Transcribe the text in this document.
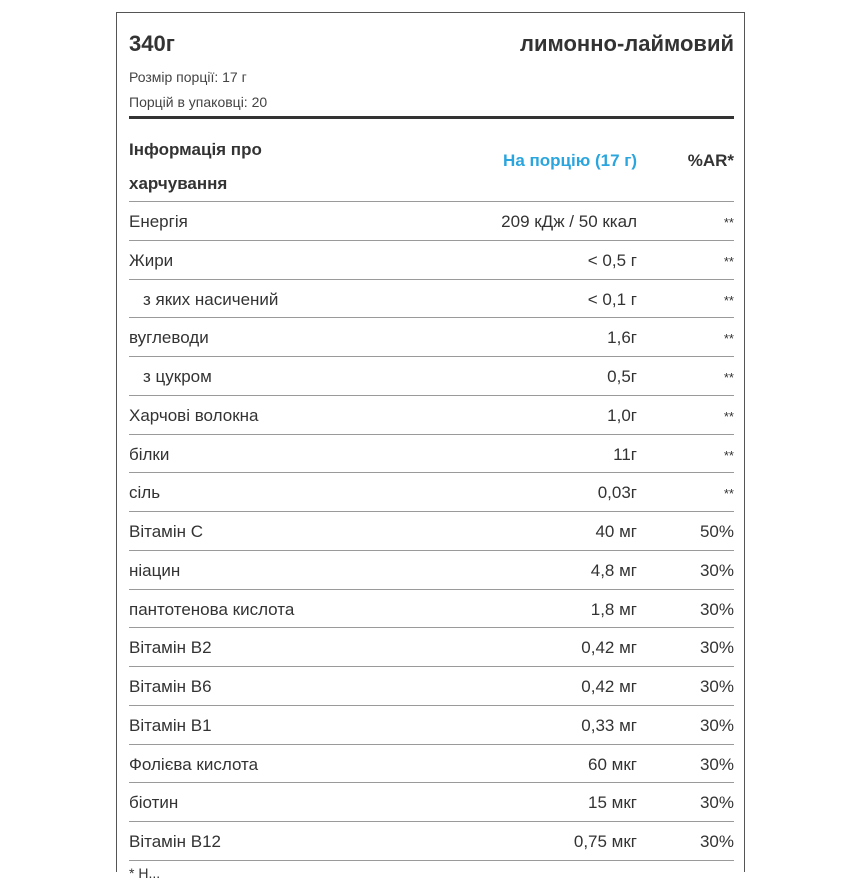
340г	лимонно-лаймовий
Розмір порції: 17 г
Порцій в упаковці: 20
Інформація про харчування
На порцію (17 г)	%AR*
Енергія	209 кДж / 50 ккал	**
Жири	< 0,5 г	**
з яких насичений	< 0,1 г	**
вуглеводи	1,6г	**
з цукром	0,5г	**
Харчові волокна	1,0г	**
білки	11г	**
сіль	0,03г	**
Вітамін C	40 мг	50%
ніацин	4,8 мг	30%
пантотенова кислота	1,8 мг	30%
Вітамін B2	0,42 мг	30%
Вітамін B6	0,42 мг	30%
Вітамін B1	0,33 мг	30%
Фолієва кислота	60 мкг	30%
біотин	15 мкг	30%
Вітамін B12	0,75 мкг	30%
* Н...
